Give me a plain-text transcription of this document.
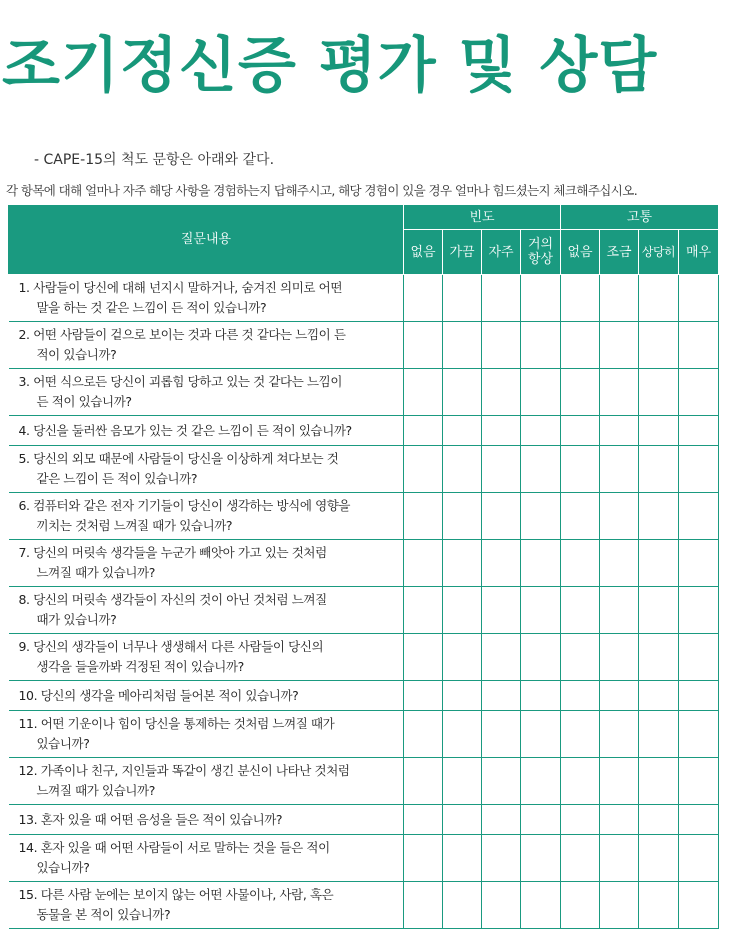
조기정신증 평가 및 상담
- CAPE-15의 척도 문항은 아래와 같다.
각 항목에 대해 얼마나 자주 해당 사항을 경험하는지 답해주시고, 해당 경험이 있을 경우 얼마나 힘드셨는지 체크해주십시오.
질문내용	빈도				고통			
	없음	가끔	자주	거의 항상	없음	조금	상당히	매우
1. 사람들이 당신에 대해 넌지시 말하거나, 숨겨진 의미로 어떤
말을 하는 것 같은 느낌이 든 적이 있습니까?								

2. 어떤 사람들이 겉으로 보이는 것과 다른 것 같다는 느낌이 든
적이 있습니까?								

3. 어떤 식으로든 당신이 괴롭힘 당하고 있는 것 같다는 느낌이
든 적이 있습니까?								

4. 당신을 둘러싼 음모가 있는 것 같은 느낌이 든 적이 있습니까?								
5. 당신의 외모 때문에 사람들이 당신을 이상하게 쳐다보는 것
같은 느낌이 든 적이 있습니까?								

6. 컴퓨터와 같은 전자 기기들이 당신이 생각하는 방식에 영향을
끼치는 것처럼 느껴질 때가 있습니까?								

7. 당신의 머릿속 생각들을 누군가 빼앗아 가고 있는 것처럼
느껴질 때가 있습니까?								

8. 당신의 머릿속 생각들이 자신의 것이 아닌 것처럼 느껴질
때가 있습니까?								

9. 당신의 생각들이 너무나 생생해서 다른 사람들이 당신의
생각을 들을까봐 걱정된 적이 있습니까?								

10. 당신의 생각을 메아리처럼 들어본 적이 있습니까?								
11. 어떤 기운이나 힘이 당신을 통제하는 것처럼 느껴질 때가
있습니까?								

12. 가족이나 친구, 지인들과 똑같이 생긴 분신이 나타난 것처럼
느껴질 때가 있습니까?								

13. 혼자 있을 때 어떤 음성을 들은 적이 있습니까?								
14. 혼자 있을 때 어떤 사람들이 서로 말하는 것을 들은 적이
있습니까?								

15. 다른 사람 눈에는 보이지 않는 어떤 사물이나, 사람, 혹은
동물을 본 적이 있습니까?								
